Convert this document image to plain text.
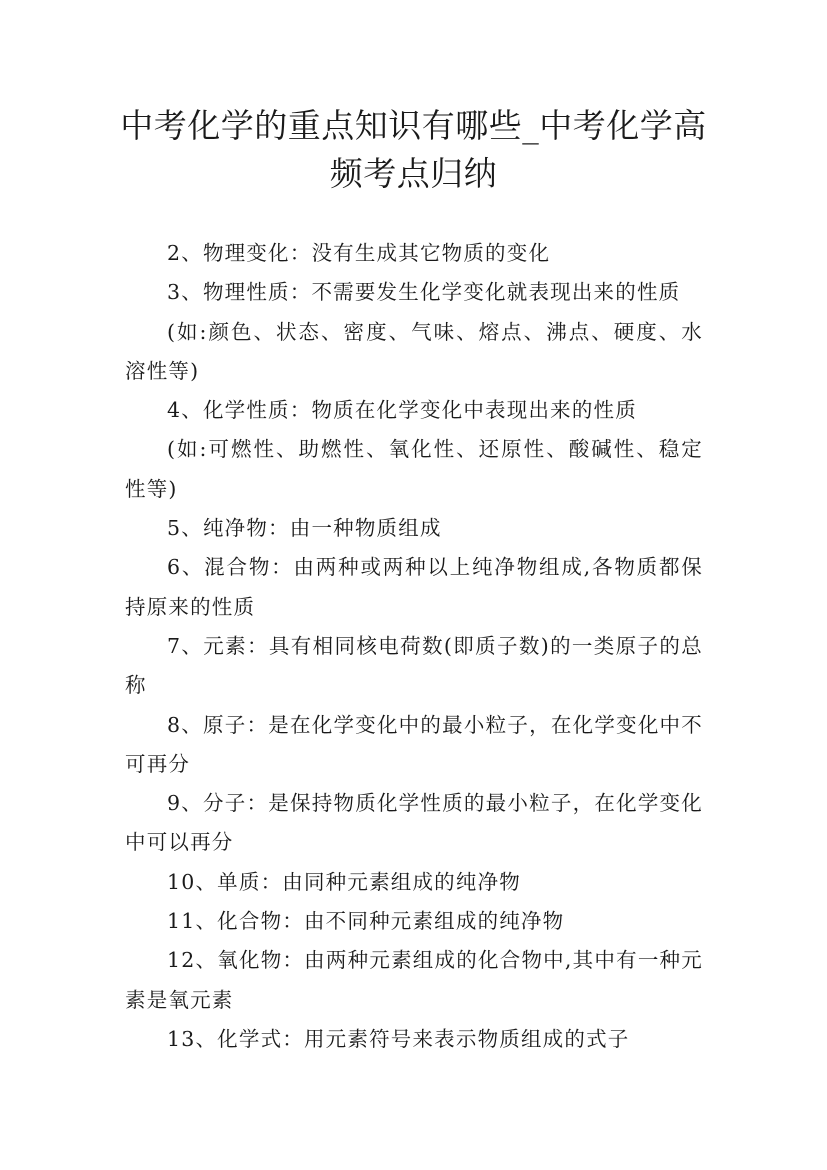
中考化学的重点知识有哪些_中考化学高频考点归纳

2、物理变化：没有生成其它物质的变化

3、物理性质：不需要发生化学变化就表现出来的性质

(如:颜色、状态、密度、气味、熔点、沸点、硬度、水溶性等)

4、化学性质：物质在化学变化中表现出来的性质

(如:可燃性、助燃性、氧化性、还原性、酸碱性、稳定性等)

5、纯净物：由一种物质组成

6、混合物：由两种或两种以上纯净物组成,各物质都保持原来的性质

7、元素：具有相同核电荷数(即质子数)的一类原子的总称

8、原子：是在化学变化中的最小粒子，在化学变化中不可再分

9、分子：是保持物质化学性质的最小粒子，在化学变化中可以再分

10、单质：由同种元素组成的纯净物

11、化合物：由不同种元素组成的纯净物

12、氧化物：由两种元素组成的化合物中,其中有一种元素是氧元素

13、化学式：用元素符号来表示物质组成的式子
